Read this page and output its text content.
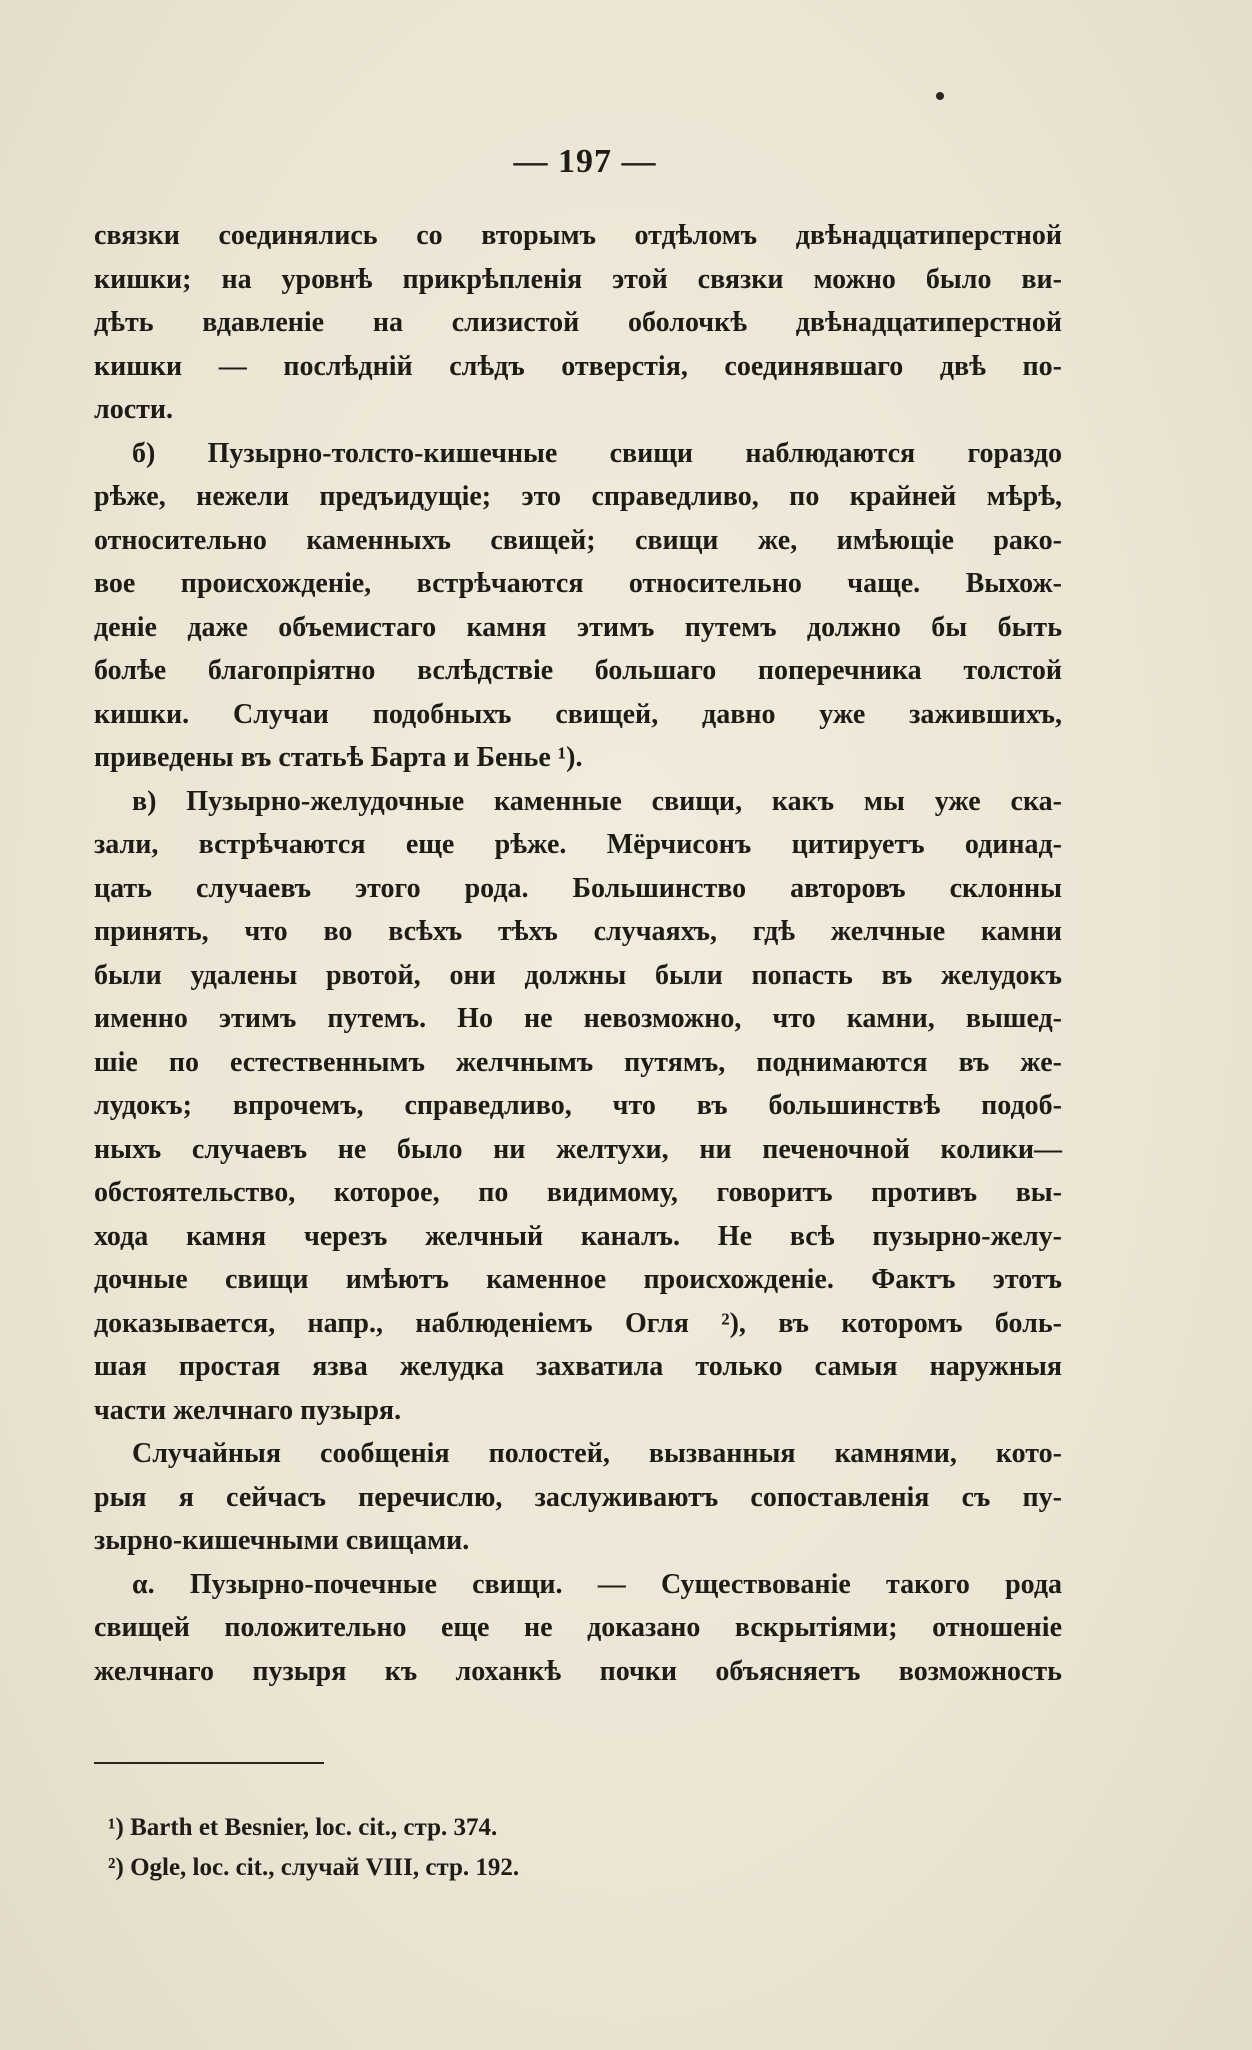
— 197 —
связки соединялись со вторымъ отдѣломъ двѣнадцатиперстной
кишки; на уровнѣ прикрѣпленія этой связки можно было ви-
дѣть вдавленіе на слизистой оболочкѣ двѣнадцатиперстной
кишки — послѣдній слѣдъ отверстія, соединявшаго двѣ по-
лости.
б) Пузырно-толсто-кишечные свищи наблюдаются гораздо
рѣже, нежели предъидущіе; это справедливо, по крайней мѣрѣ,
относительно каменныхъ свищей; свищи же, имѣющіе рако-
вое происхожденіе, встрѣчаются относительно чаще. Выхож-
деніе даже объемистаго камня этимъ путемъ должно бы быть
болѣе благопріятно вслѣдствіе большаго поперечника толстой
кишки. Случаи подобныхъ свищей, давно уже зажившихъ,
приведены въ статьѣ Барта и Бенье ¹).
в) Пузырно-желудочные каменные свищи, какъ мы уже ска-
зали, встрѣчаются еще рѣже. Мёрчисонъ цитируетъ одинад-
цать случаевъ этого рода. Большинство авторовъ склонны
принять, что во всѣхъ тѣхъ случаяхъ, гдѣ желчные камни
были удалены рвотой, они должны были попасть въ желудокъ
именно этимъ путемъ. Но не невозможно, что камни, вышед-
шіе по естественнымъ желчнымъ путямъ, поднимаются въ же-
лудокъ; впрочемъ, справедливо, что въ большинствѣ подоб-
ныхъ случаевъ не было ни желтухи, ни печеночной колики—
обстоятельство, которое, по видимому, говоритъ противъ вы-
хода камня черезъ желчный каналъ. Не всѣ пузырно-желу-
дочные свищи имѣютъ каменное происхожденіе. Фактъ этотъ
доказывается, напр., наблюденіемъ Огля ²), въ которомъ боль-
шая простая язва желудка захватила только самыя наружныя
части желчнаго пузыря.
Случайныя сообщенія полостей, вызванныя камнями, кото-
рыя я сейчасъ перечислю, заслуживаютъ сопоставленія съ пу-
зырно-кишечными свищами.
α. Пузырно-почечные свищи. — Существованіе такого рода
свищей положительно еще не доказано вскрытіями; отношеніе
желчнаго пузыря къ лоханкѣ почки объясняетъ возможность
¹) Barth et Besnier, loc. cit., стр. 374.
²) Ogle, loc. cit., случай VIII, стр. 192.
